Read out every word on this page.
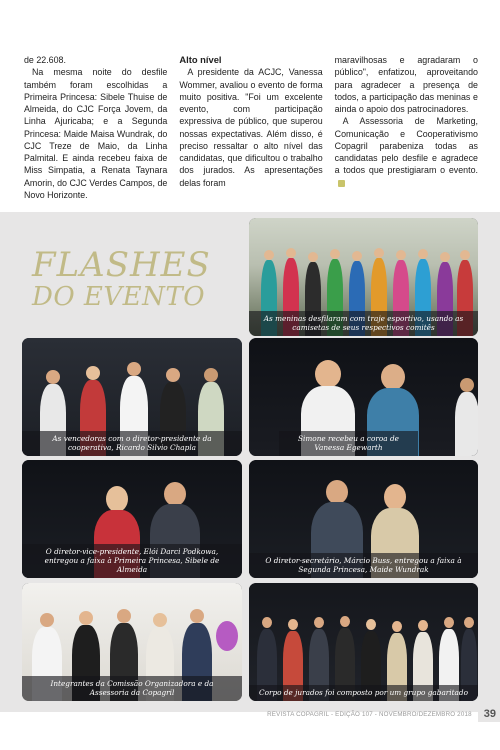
de 22.608.

Na mesma noite do desfile também foram escolhidas a Primeira Princesa: Sibele Thuise de Almeida, do CJC Força Jovem, da Linha Ajuricaba; e a Segunda Princesa: Maide Maisa Wundrak, do CJC Treze de Maio, da Linha Palmital. E ainda recebeu faixa de Miss Simpatia, a Renata Taynara Amorin, do CJC Verdes Campos, de Novo Horizonte.

Alto nível

A presidente da ACJC, Vanessa Wommer, avaliou o evento de forma muito positiva. "Foi um excelente evento, com participação expressiva de público, que superou nossas expectativas. Além disso, é preciso ressaltar o alto nível das candidatas, que dificultou o trabalho dos jurados. As apresentações delas foram

maravilhosas e agradaram o público", enfatizou, aproveitando para agradecer a presença de todos, a participação das meninas e ainda o apoio dos patrocinadores.

A Assessoria de Marketing, Comunicação e Cooperativismo Copagril parabeniza todas as candidatas pelo desfile e agradece a todos que prestigiaram o evento.

FLASHES
DO EVENTO
As meninas desfilaram com traje esportivo, usando as camisetas de seus respectivos comitês
As vencedoras com o diretor-presidente da cooperativa, Ricardo Silvio Chapla
Simone recebeu a coroa de Vanessa Egewarth
O diretor-vice-presidente, Elói Darci Podkowa, entregou a faixa à Primeira Princesa, Sibele de Almeida
O diretor-secretário, Márcio Buss, entregou a faixa à Segunda Princesa, Maide Wundrak
Integrantes da Comissão Organizadora e da Assessoria da Copagril	Corpo de jurados foi composto por um grupo gabaritado
REVISTA COPAGRIL - EDIÇÃO 107 - NOVEMBRO/DEZEMBRO 2018	39
